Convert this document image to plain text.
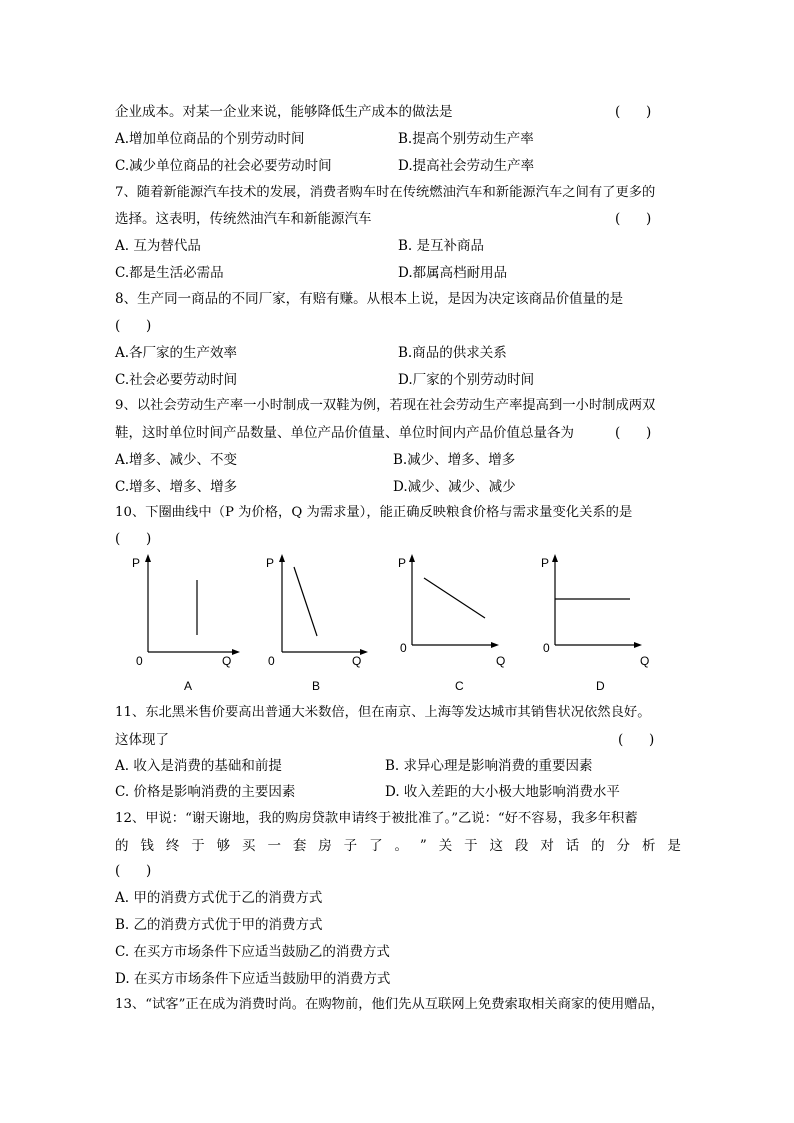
企业成本。对某一企业来说，能够降低生产成本的做法是	(      )
A.增加单位商品的个别劳动时间	B.提高个别劳动生产率
C.减少单位商品的社会必要劳动时间	D.提高社会劳动生产率
7、随着新能源汽车技术的发展，消费者购车时在传统燃油汽车和新能源汽车之间有了更多的
选择。这表明，传统然油汽车和新能源汽车	(      )
A. 互为替代品	B. 是互补商品
C.都是生活必需品	D.都属高档耐用品
8、生产同一商品的不同厂家，有赔有赚。从根本上说，是因为决定该商品价值量的是
(      )
A.各厂家的生产效率	B.商品的供求关系
C.社会必要劳动时间	D.厂家的个别劳动时间
9、以社会劳动生产率一小时制成一双鞋为例，若现在社会劳动生产率提高到一小时制成两双
鞋，这时单位时间产品数量、单位产品价值量、单位时间内产品价值总量各为	(      )
A.增多、减少、不变	B.减少、增多、增多
C.增多、增多、增多	D.减少、减少、减少
10、下圈曲线中（P 为价格，Q 为需求量），能正确反映粮食价格与需求量变化关系的是
(      )
P
0	Q
A
P
0	Q
B
P
0
Q
C
P
0
Q
D
11、东北黑米售价要高出普通大米数倍，但在南京、上海等发达城市其销售状况依然良好。
这体现了	(      )
A. 收入是消费的基础和前提	B. 求异心理是影响消费的重要因素
C. 价格是影响消费的主要因素	D. 收入差距的大小极大地影响消费水平
12、甲说：“谢天谢地，我的购房贷款申请终于被批准了。”乙说：“好不容易，我多年积蓄
的 钱 终 于 够 买 一 套 房 子 了 。 ” 关 于 这 段 对 话 的 分 析 是
(      )
A. 甲的消费方式优于乙的消费方式
B. 乙的消费方式优于甲的消费方式
C. 在买方市场条件下应适当鼓励乙的消费方式
D. 在买方市场条件下应适当鼓励甲的消费方式
13、“试客”正在成为消费时尚。在购物前，他们先从互联网上免费索取相关商家的使用赠品，
